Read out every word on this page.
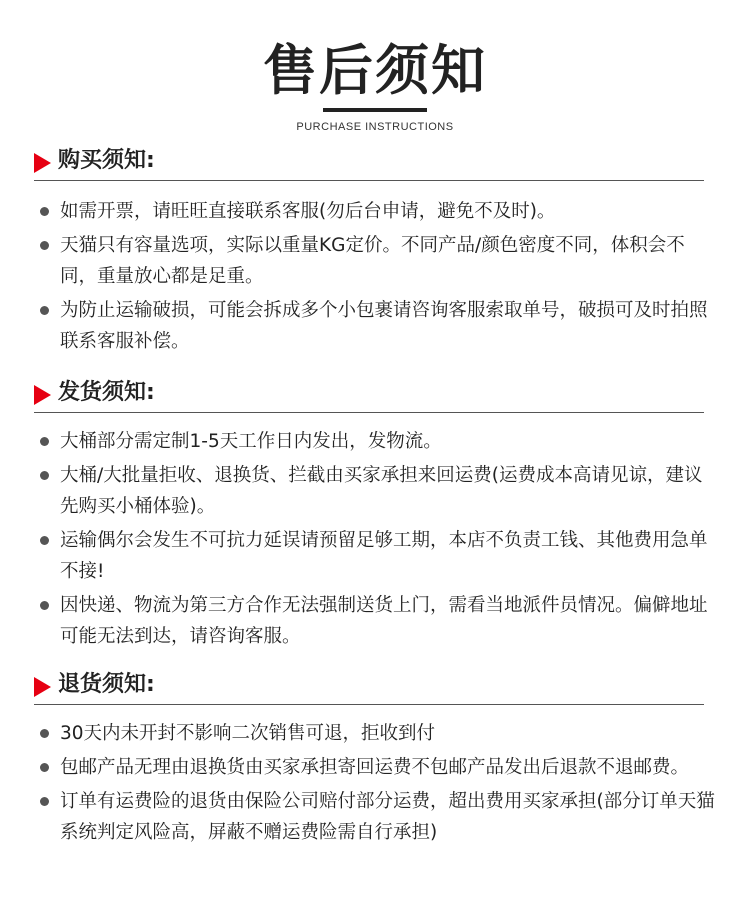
售后须知
PURCHASE INSTRUCTIONS
购买须知:
如需开票，请旺旺直接联系客服(勿后台申请，避免不及时)。
天猫只有容量选项，实际以重量KG定价。不同产品/颜色密度不同，体积会不同，重量放心都是足重。
为防止运输破损，可能会拆成多个小包裹请咨询客服索取单号，破损可及时拍照联系客服补偿。
发货须知:
大桶部分需定制1-5天工作日内发出，发物流。
大桶/大批量拒收、退换货、拦截由买家承担来回运费(运费成本高请见谅，建议先购买小桶体验)。
运输偶尔会发生不可抗力延误请预留足够工期，本店不负责工钱、其他费用急单不接!
因快递、物流为第三方合作无法强制送货上门，需看当地派件员情况。偏僻地址可能无法到达，请咨询客服。
退货须知:
30天内未开封不影响二次销售可退，拒收到付
包邮产品无理由退换货由买家承担寄回运费不包邮产品发出后退款不退邮费。
订单有运费险的退货由保险公司赔付部分运费，超出费用买家承担(部分订单天猫系统判定风险高，屏蔽不赠运费险需自行承担)
